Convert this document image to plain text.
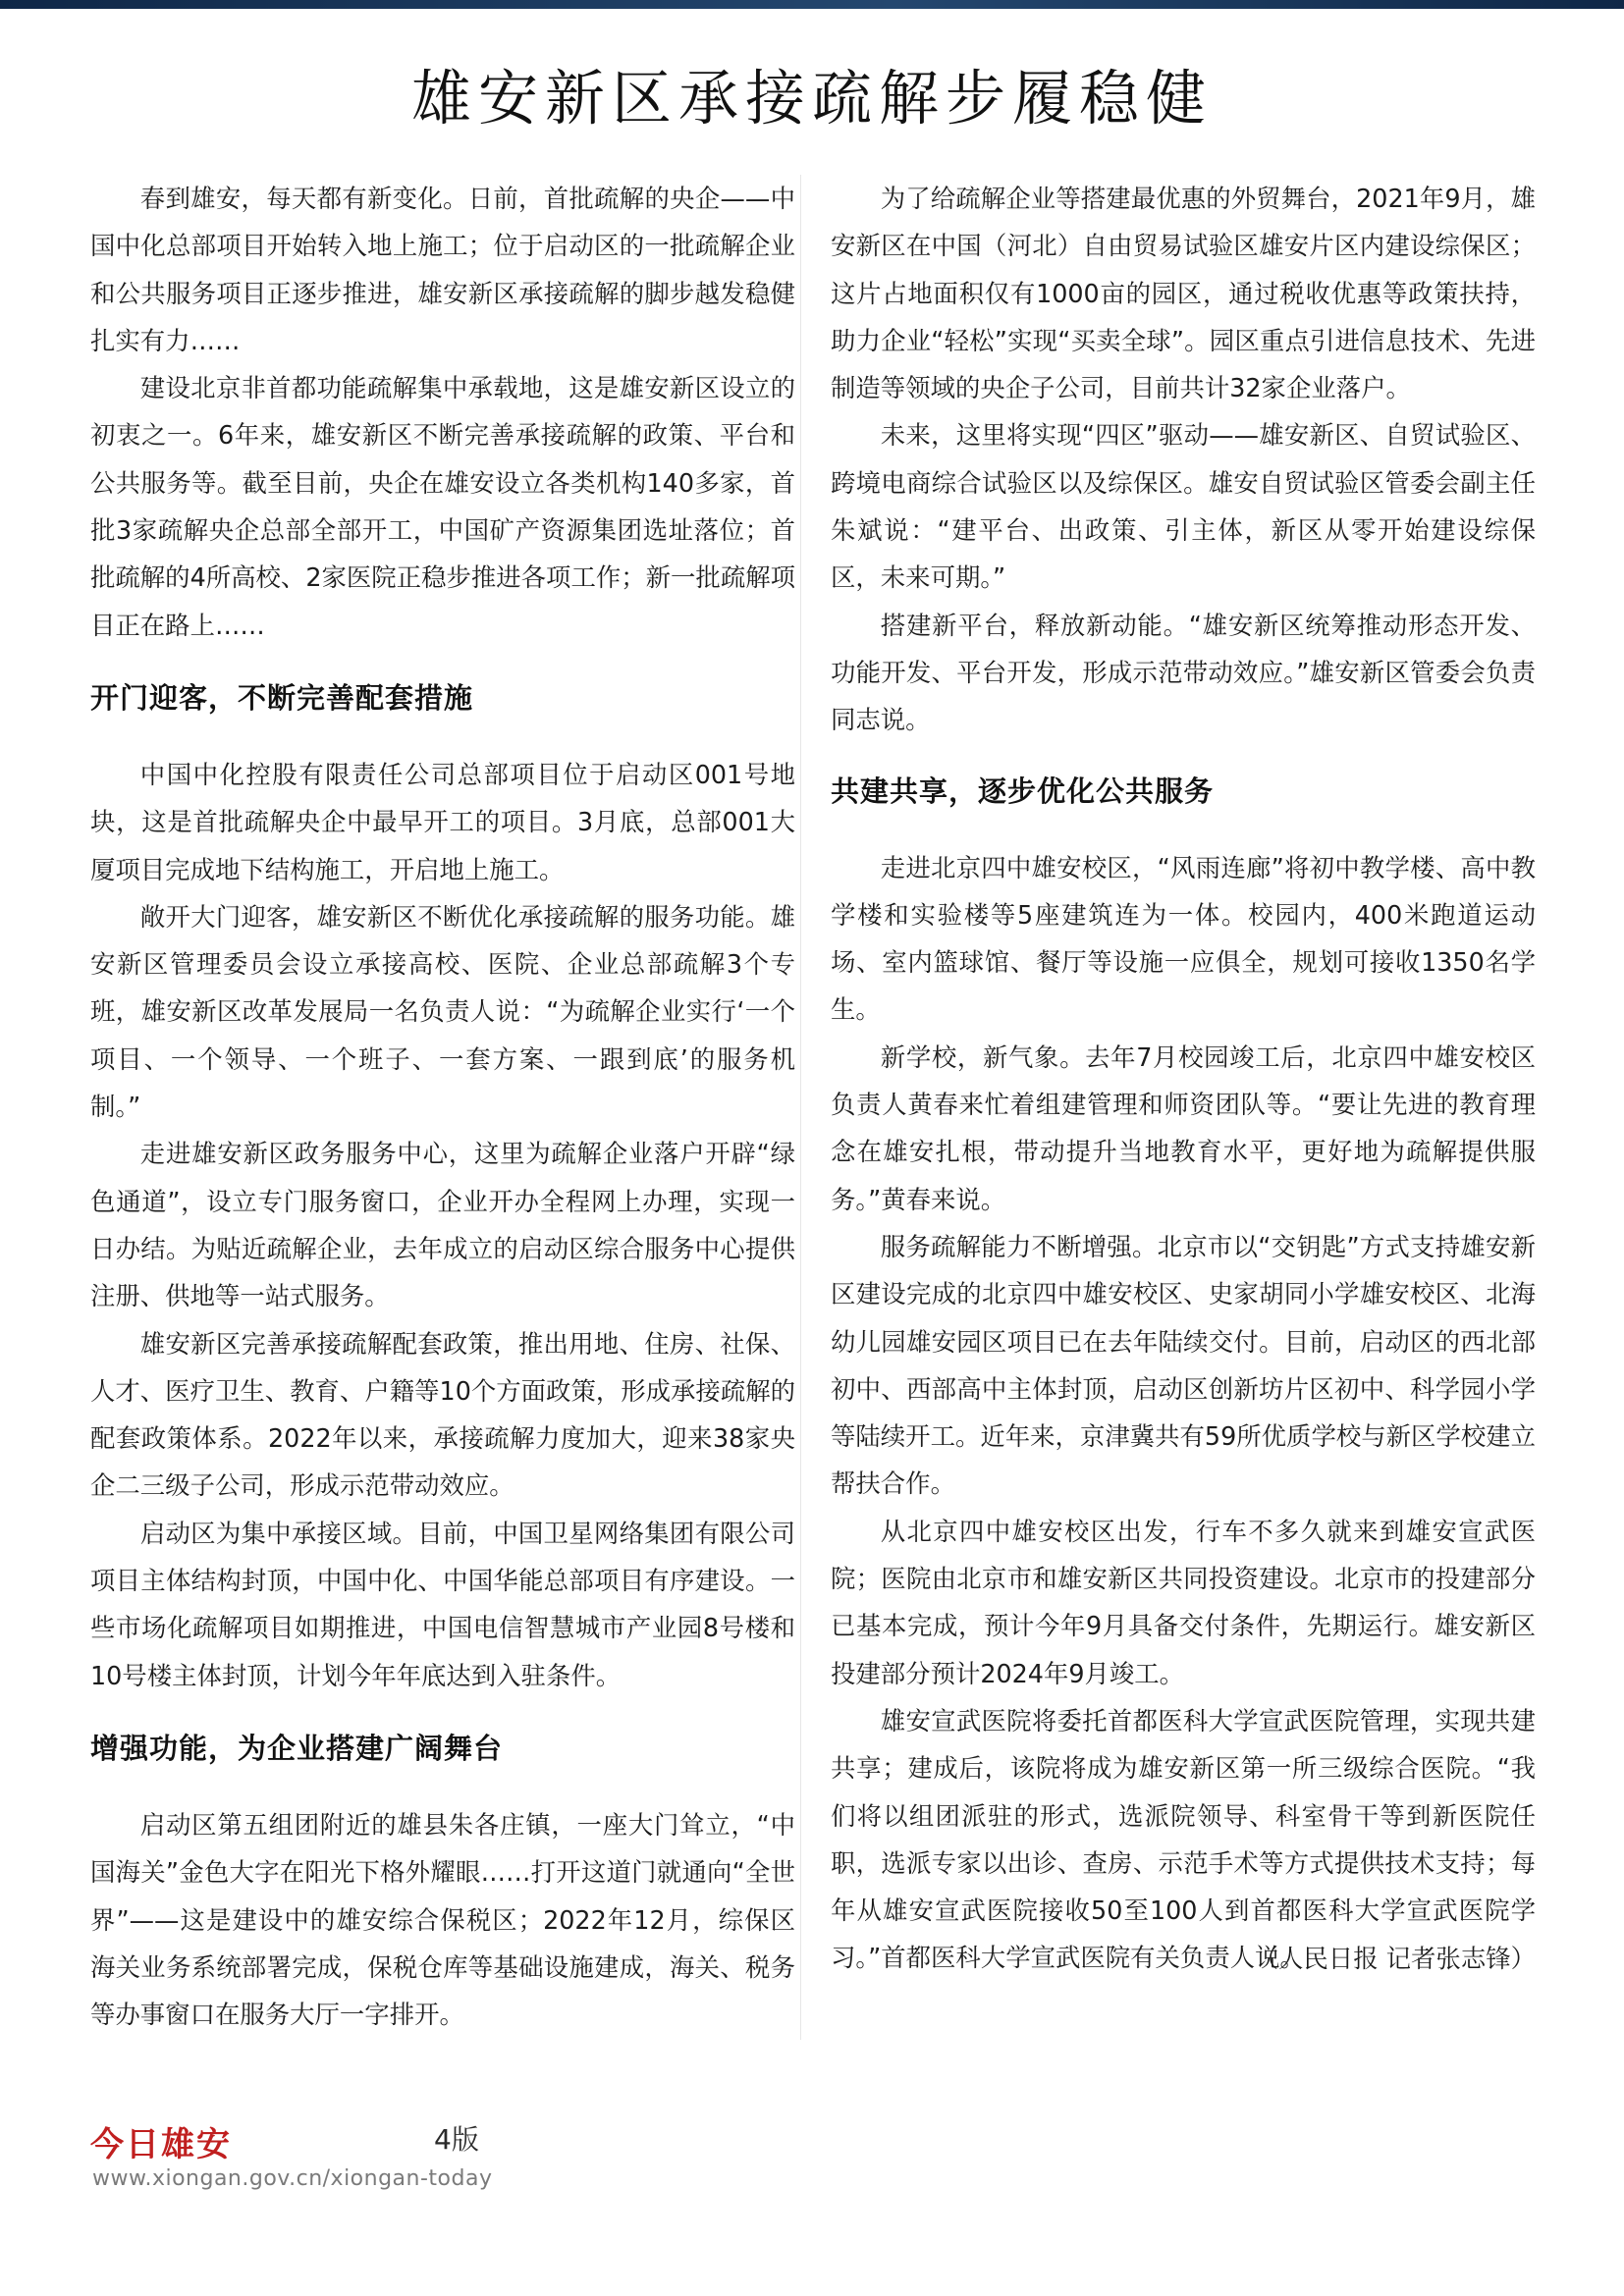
雄安新区承接疏解步履稳健

春到雄安，每天都有新变化。日前，首批疏解的央企——中国中化总部项目开始转入地上施工；位于启动区的一批疏解企业和公共服务项目正逐步推进，雄安新区承接疏解的脚步越发稳健扎实有力……

建设北京非首都功能疏解集中承载地，这是雄安新区设立的初衷之一。6年来，雄安新区不断完善承接疏解的政策、平台和公共服务等。截至目前，央企在雄安设立各类机构140多家，首批3家疏解央企总部全部开工，中国矿产资源集团选址落位；首批疏解的4所高校、2家医院正稳步推进各项工作；新一批疏解项目正在路上……

开门迎客，不断完善配套措施

中国中化控股有限责任公司总部项目位于启动区001号地块，这是首批疏解央企中最早开工的项目。3月底，总部001大厦项目完成地下结构施工，开启地上施工。

敞开大门迎客，雄安新区不断优化承接疏解的服务功能。雄安新区管理委员会设立承接高校、医院、企业总部疏解3个专班，雄安新区改革发展局一名负责人说：“为疏解企业实行‘一个项目、一个领导、一个班子、一套方案、一跟到底’的服务机制。”

走进雄安新区政务服务中心，这里为疏解企业落户开辟“绿色通道”，设立专门服务窗口，企业开办全程网上办理，实现一日办结。为贴近疏解企业，去年成立的启动区综合服务中心提供注册、供地等一站式服务。

雄安新区完善承接疏解配套政策，推出用地、住房、社保、人才、医疗卫生、教育、户籍等10个方面政策，形成承接疏解的配套政策体系。2022年以来，承接疏解力度加大，迎来38家央企二三级子公司，形成示范带动效应。

启动区为集中承接区域。目前，中国卫星网络集团有限公司项目主体结构封顶，中国中化、中国华能总部项目有序建设。一些市场化疏解项目如期推进，中国电信智慧城市产业园8号楼和10号楼主体封顶，计划今年年底达到入驻条件。

增强功能，为企业搭建广阔舞台

启动区第五组团附近的雄县朱各庄镇，一座大门耸立，“中国海关”金色大字在阳光下格外耀眼……打开这道门就通向“全世界”——这是建设中的雄安综合保税区；2022年12月，综保区海关业务系统部署完成，保税仓库等基础设施建成，海关、税务等办事窗口在服务大厅一字排开。

为了给疏解企业等搭建最优惠的外贸舞台，2021年9月，雄安新区在中国（河北）自由贸易试验区雄安片区内建设综保区；这片占地面积仅有1000亩的园区，通过税收优惠等政策扶持，助力企业“轻松”实现“买卖全球”。园区重点引进信息技术、先进制造等领域的央企子公司，目前共计32家企业落户。

未来，这里将实现“四区”驱动——雄安新区、自贸试验区、跨境电商综合试验区以及综保区。雄安自贸试验区管委会副主任朱斌说：“建平台、出政策、引主体，新区从零开始建设综保区，未来可期。”

搭建新平台，释放新动能。“雄安新区统筹推动形态开发、功能开发、平台开发，形成示范带动效应。”雄安新区管委会负责同志说。

共建共享，逐步优化公共服务

走进北京四中雄安校区，“风雨连廊”将初中教学楼、高中教学楼和实验楼等5座建筑连为一体。校园内，400米跑道运动场、室内篮球馆、餐厅等设施一应俱全，规划可接收1350名学生。

新学校，新气象。去年7月校园竣工后，北京四中雄安校区负责人黄春来忙着组建管理和师资团队等。“要让先进的教育理念在雄安扎根，带动提升当地教育水平，更好地为疏解提供服务。”黄春来说。

服务疏解能力不断增强。北京市以“交钥匙”方式支持雄安新区建设完成的北京四中雄安校区、史家胡同小学雄安校区、北海幼儿园雄安园区项目已在去年陆续交付。目前，启动区的西北部初中、西部高中主体封顶，启动区创新坊片区初中、科学园小学等陆续开工。近年来，京津冀共有59所优质学校与新区学校建立帮扶合作。

从北京四中雄安校区出发，行车不多久就来到雄安宣武医院；医院由北京市和雄安新区共同投资建设。北京市的投建部分已基本完成，预计今年9月具备交付条件，先期运行。雄安新区投建部分预计2024年9月竣工。

雄安宣武医院将委托首都医科大学宣武医院管理，实现共建共享；建成后，该院将成为雄安新区第一所三级综合医院。“我们将以组团派驻的形式，选派院领导、科室骨干等到新医院任职，选派专家以出诊、查房、示范手术等方式提供技术支持；每年从雄安宣武医院接收50至100人到首都医科大学宣武医院学习。”首都医科大学宣武医院有关负责人说。

（人民日报 记者张志锋）
今日雄安	4版
www.xiongan.gov.cn/xiongan-today
